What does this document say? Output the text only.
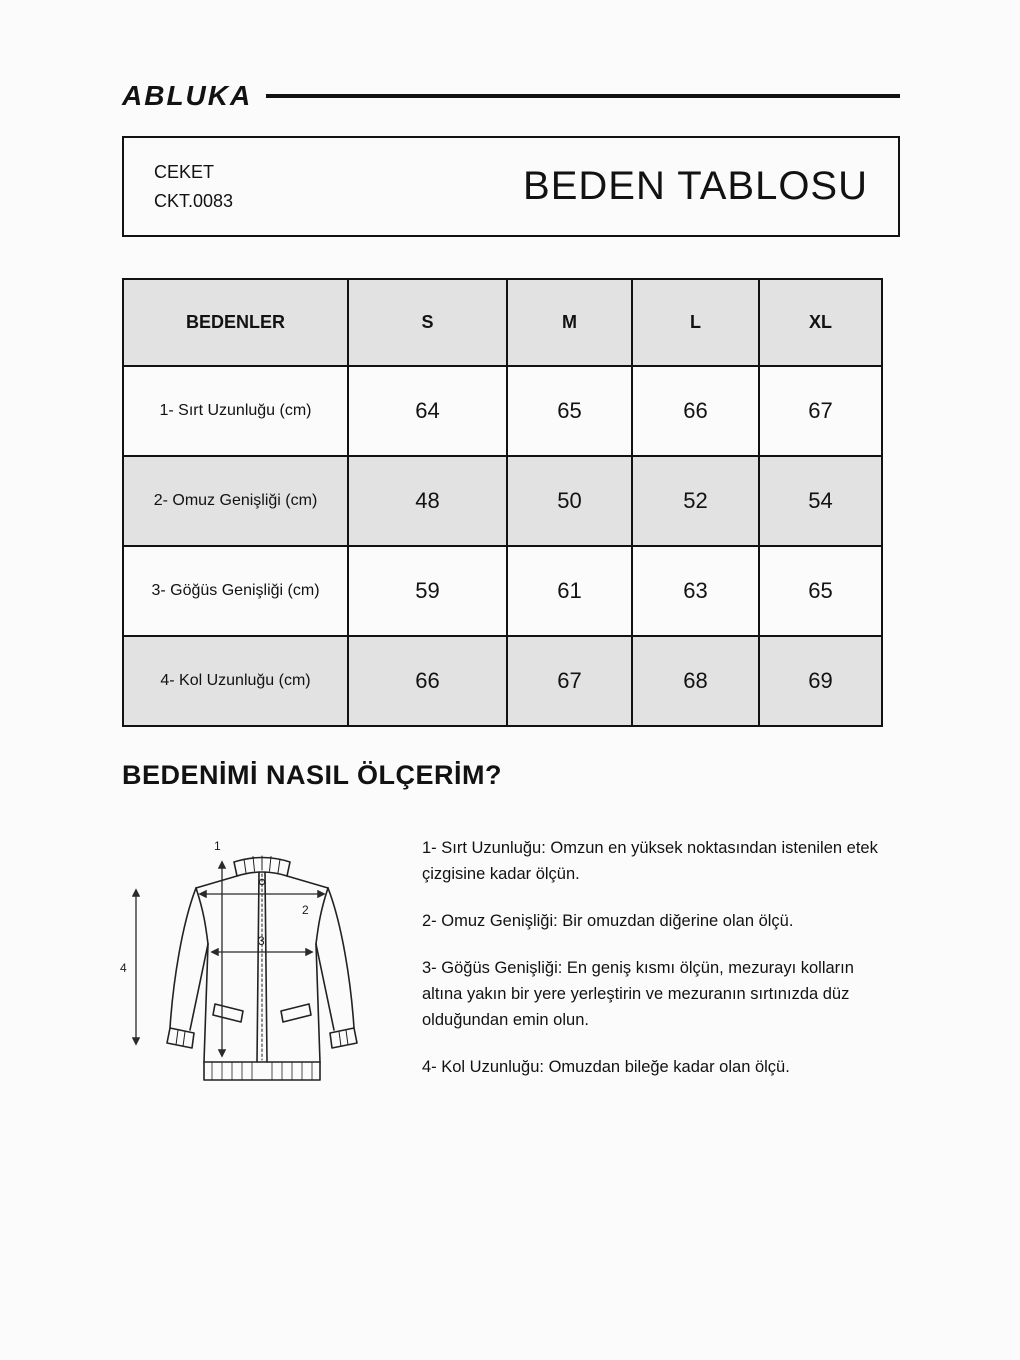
ABLUKA
CEKET
CKT.0083	BEDEN TABLOSU
BEDENLER	S	M	L	XL
1- Sırt Uzunluğu (cm)	64	65	66	67
2- Omuz Genişliği (cm)	48	50	52	54
3- Göğüs Genişliği (cm)	59	61	63	65
4- Kol Uzunluğu (cm)	66	67	68	69
BEDENİMİ NASIL ÖLÇERİM?
1
2
3
4

1- Sırt Uzunluğu: Omzun en yüksek noktasından istenilen etek çizgisine kadar ölçün.

2- Omuz Genişliği: Bir omuzdan diğerine olan ölçü.

3- Göğüs Genişliği: En geniş kısmı ölçün, mezurayı kolların altına yakın bir yere yerleştirin ve mezuranın sırtınızda düz olduğundan emin olun.

4- Kol Uzunluğu: Omuzdan bileğe kadar olan ölçü.
